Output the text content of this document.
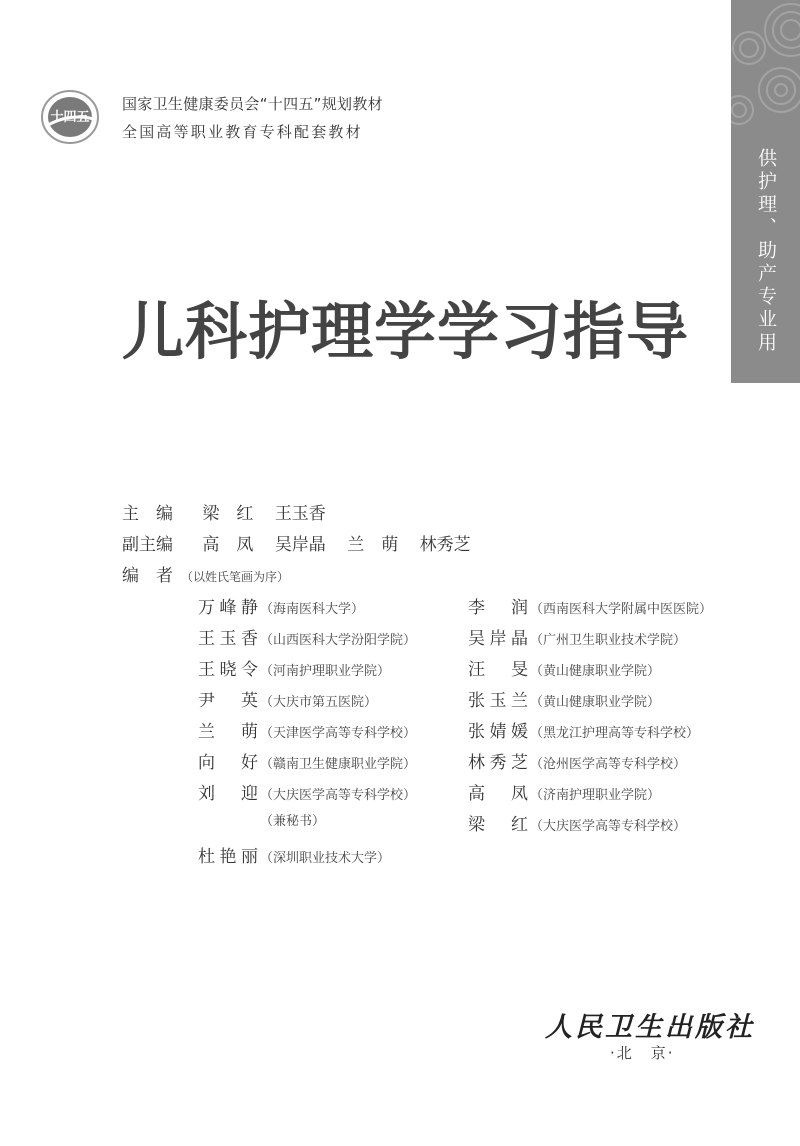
供护理、助产专业用
十四五
国家卫生健康委员会“十四五”规划教材
全国高等职业教育专科配套教材
儿科护理学学习指导
主　编 梁　红 王玉香
副主编 高　凤 吴岸晶 兰　萌 林秀芝
编　者 （以姓氏笔画为序）
万峰静 （海南医科大学）
王玉香 （山西医科大学汾阳学院）
王晓令 （河南护理职业学院）
尹　英 （大庆市第五医院）
兰　萌 （天津医学高等专科学校）
向　好 （赣南卫生健康职业学院）
刘　迎 （大庆医学高等专科学校）
（兼秘书）
杜艳丽 （深圳职业技术大学）
李　润 （西南医科大学附属中医医院）
吴岸晶 （广州卫生职业技术学院）
汪　旻 （黄山健康职业学院）
张玉兰 （黄山健康职业学院）
张婧媛 （黑龙江护理高等专科学校）
林秀芝 （沧州医学高等专科学校）
高　凤 （济南护理职业学院）
梁　红 （大庆医学高等专科学校）
人民卫生出版社
·北　京·
